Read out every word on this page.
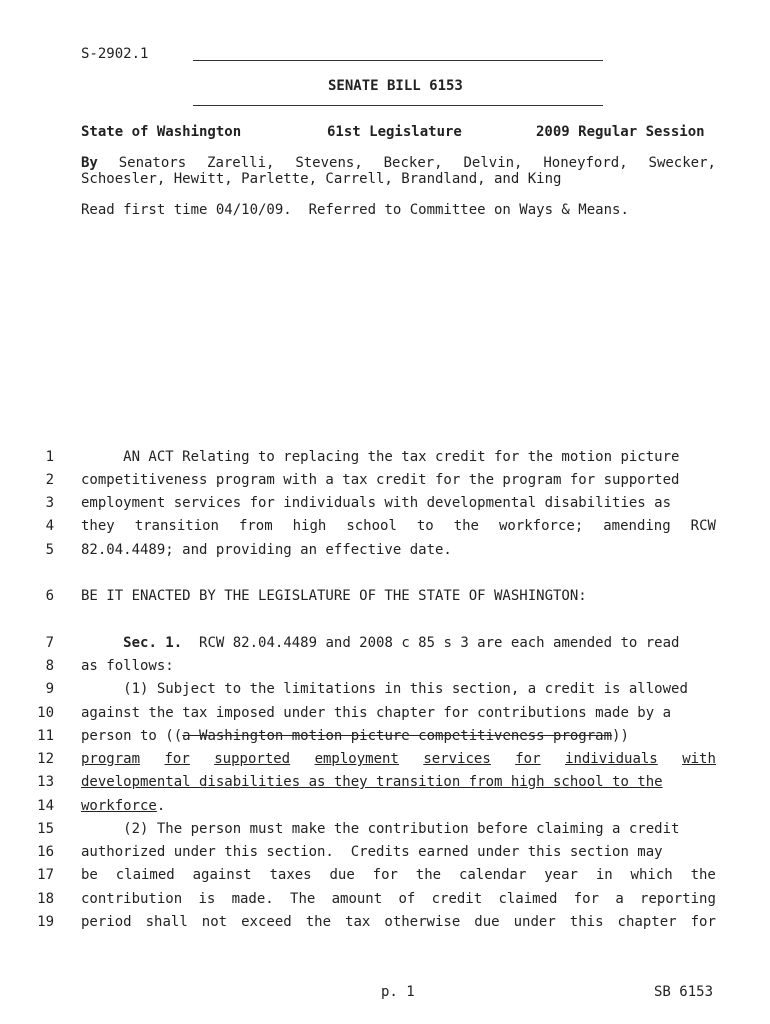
S-2902.1
SENATE BILL 6153
State of Washington	61st Legislature	2009 Regular Session
By Senators Zarelli, Stevens, Becker, Delvin, Honeyford, Swecker,
Schoesler, Hewitt, Parlette, Carrell, Brandland, and King
Read first time 04/10/09.  Referred to Committee on Ways & Means.
1
2
3
4
5
6
7
8
9
10
11
12
13
14
15
16
17
18
19
AN ACT Relating to replacing the tax credit for the motion picture
competitiveness program with a tax credit for the program for supported
employment services for individuals with developmental disabilities as
they transition from high school to the workforce; amending RCW
82.04.4489; and providing an effective date.
BE IT ENACTED BY THE LEGISLATURE OF THE STATE OF WASHINGTON:
Sec. 1.  RCW 82.04.4489 and 2008 c 85 s 3 are each amended to read
as follows:
(1) Subject to the limitations in this section, a credit is allowed
against the tax imposed under this chapter for contributions made by a
person to ((a Washington motion picture competitiveness program))
program for supported employment services for individuals with
developmental disabilities as they transition from high school to the
workforce.
(2) The person must make the contribution before claiming a credit
authorized under this section.  Credits earned under this section may
be claimed against taxes due for the calendar year in which the
contribution is made. The amount of credit claimed for a reporting
period shall not exceed the tax otherwise due under this chapter for
p. 1	SB 6153
